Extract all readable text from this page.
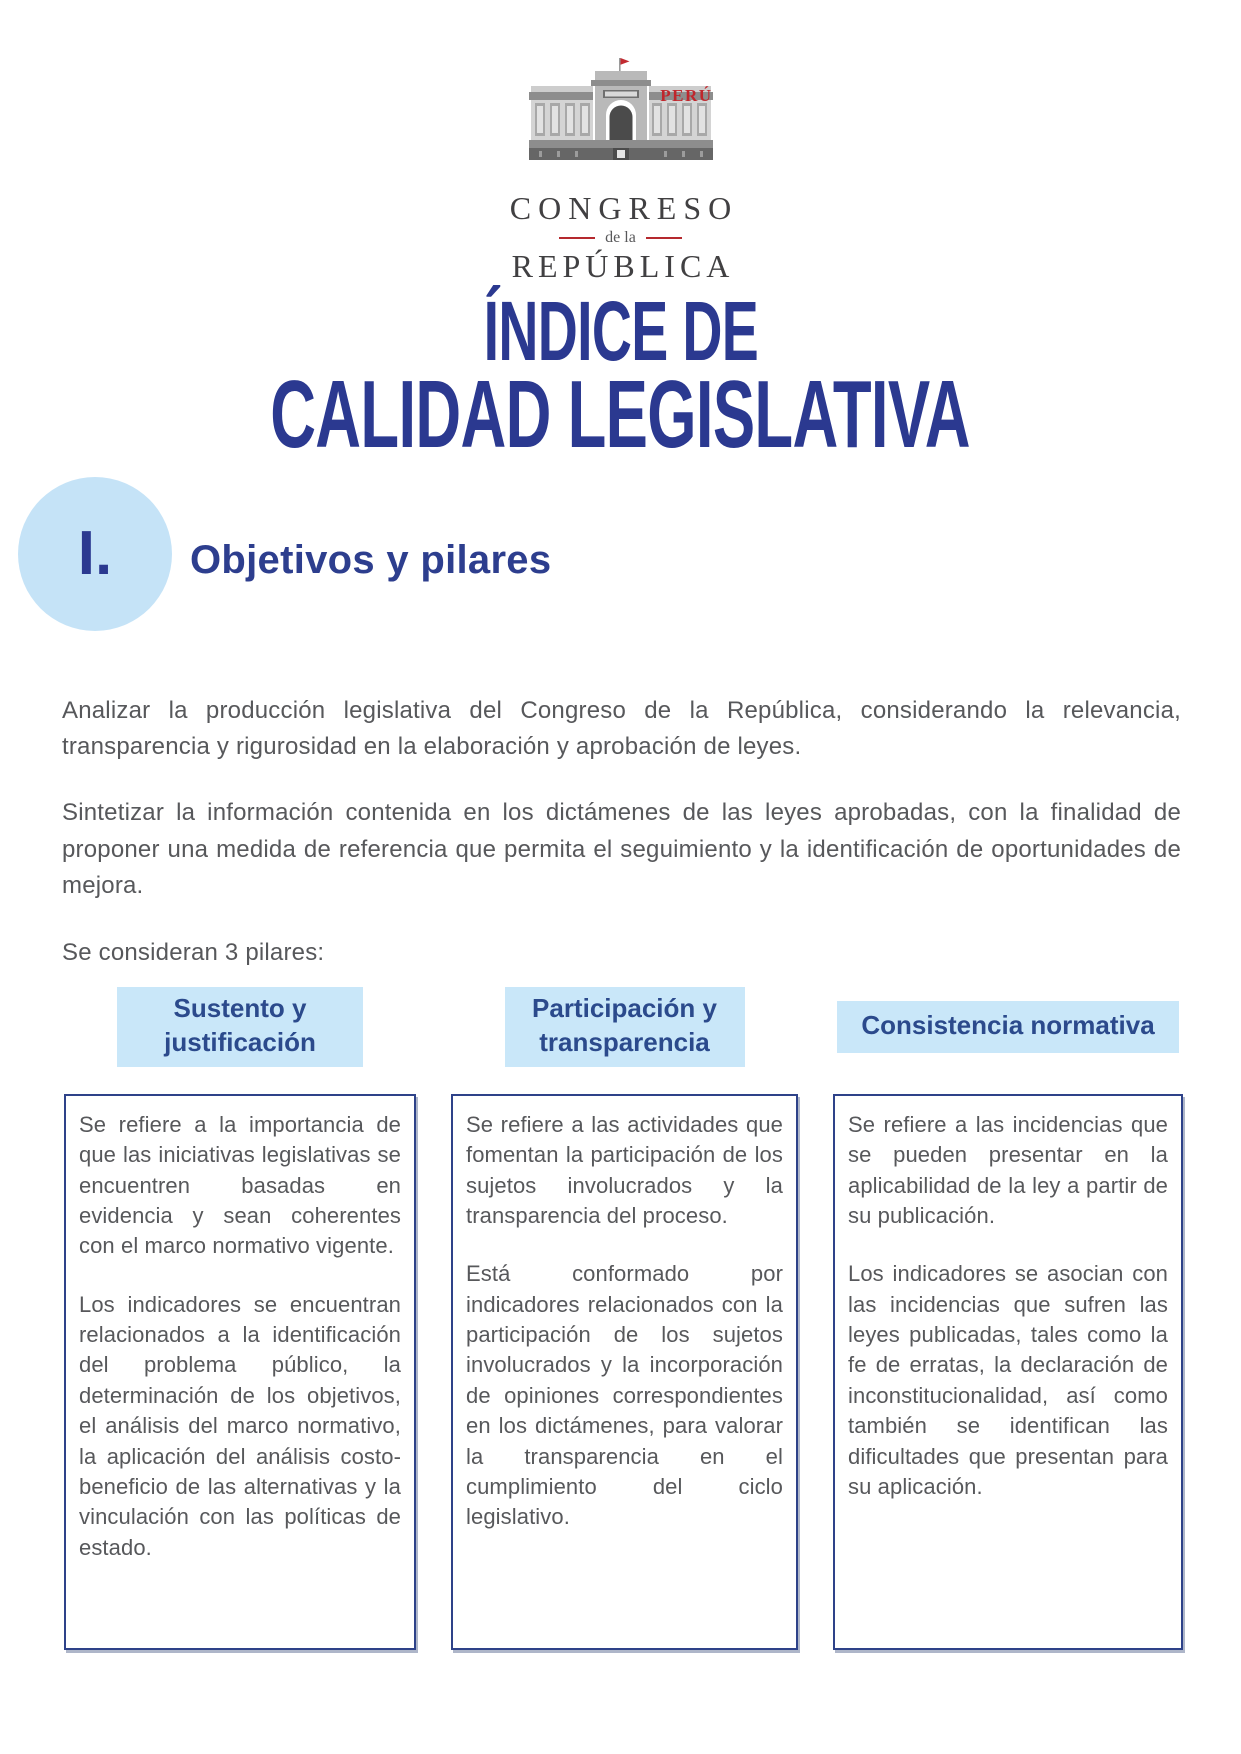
PERÚ
CONGRESO
de la
REPÚBLICA
ÍNDICE DE
CALIDAD LEGISLATIVA
I. Objetivos y pilares

Analizar la producción legislativa del Congreso de la República, considerando la relevancia, transparencia y rigurosidad en la elaboración y aprobación de leyes.

Sintetizar la información contenida en los dictámenes de las leyes aprobadas, con la finalidad de proponer una medida de referencia que permita el seguimiento y la identificación de oportunidades de mejora.

Se consideran 3 pilares:

Sustento y justificación
Participación y transparencia
Consistencia normativa

Se refiere a la importancia de que las iniciativas legislativas se encuentren basadas en evidencia y sean coherentes con el marco normativo vigente.

Los indicadores se encuentran relacionados a la identificación del problema público, la determinación de los objetivos, el análisis del marco normativo, la aplicación del análisis costo-beneficio de las alternativas y la vinculación con las políticas de estado.

Se refiere a las actividades que fomentan la participación de los sujetos involucrados y la transparencia del proceso.

Está conformado por indicadores relacionados con la participación de los sujetos involucrados y la incorporación de opiniones correspondientes en los dictámenes, para valorar la transparencia en el cumplimiento del ciclo legislativo.

Se refiere a las incidencias que se pueden presentar en la aplicabilidad de la ley a partir de su publicación.

Los indicadores se asocian con las incidencias que sufren las leyes publicadas, tales como la fe de erratas, la declaración de inconstitucionalidad, así como también se identifican las dificultades que presentan para su aplicación.
